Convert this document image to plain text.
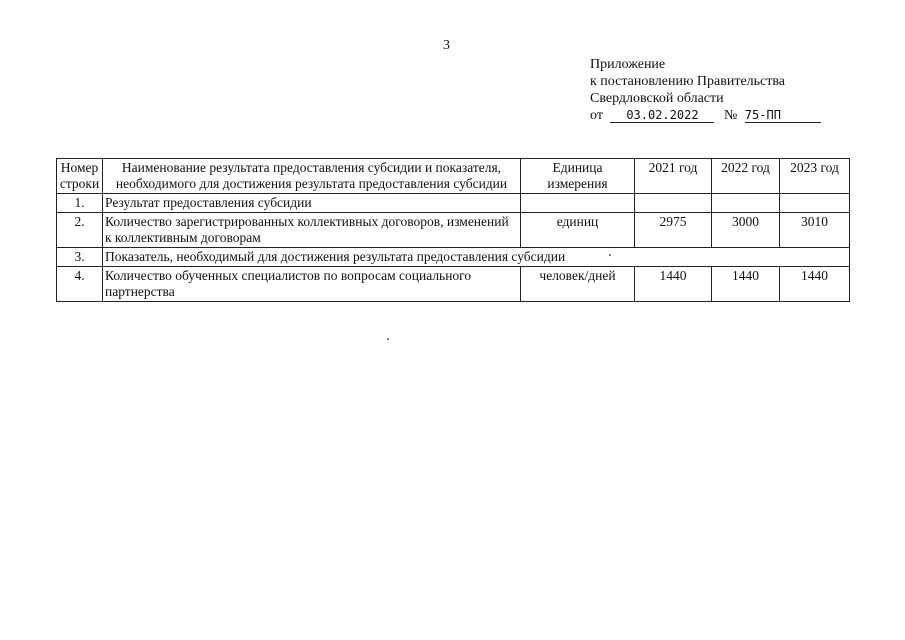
3
Приложение
к постановлению Правительства
Свердловской области
от 03.02.2022 № 75-ПП
Номер строки	Наименование результата предоставления субсидии и показателя, необходимого для достижения результата предоставления субсидии	Единица измерения	2021 год	2022 год	2023 год
1.	Результат предоставления субсидии				
2.	Количество зарегистрированных коллективных договоров, изменений к коллективным договорам	единиц	2975	3000	3010
3.	Показатель, необходимый для достижения результата предоставления субсидии				
4.	Количество обученных специалистов по вопросам социального партнерства	человек/дней	1440	1440	1440
